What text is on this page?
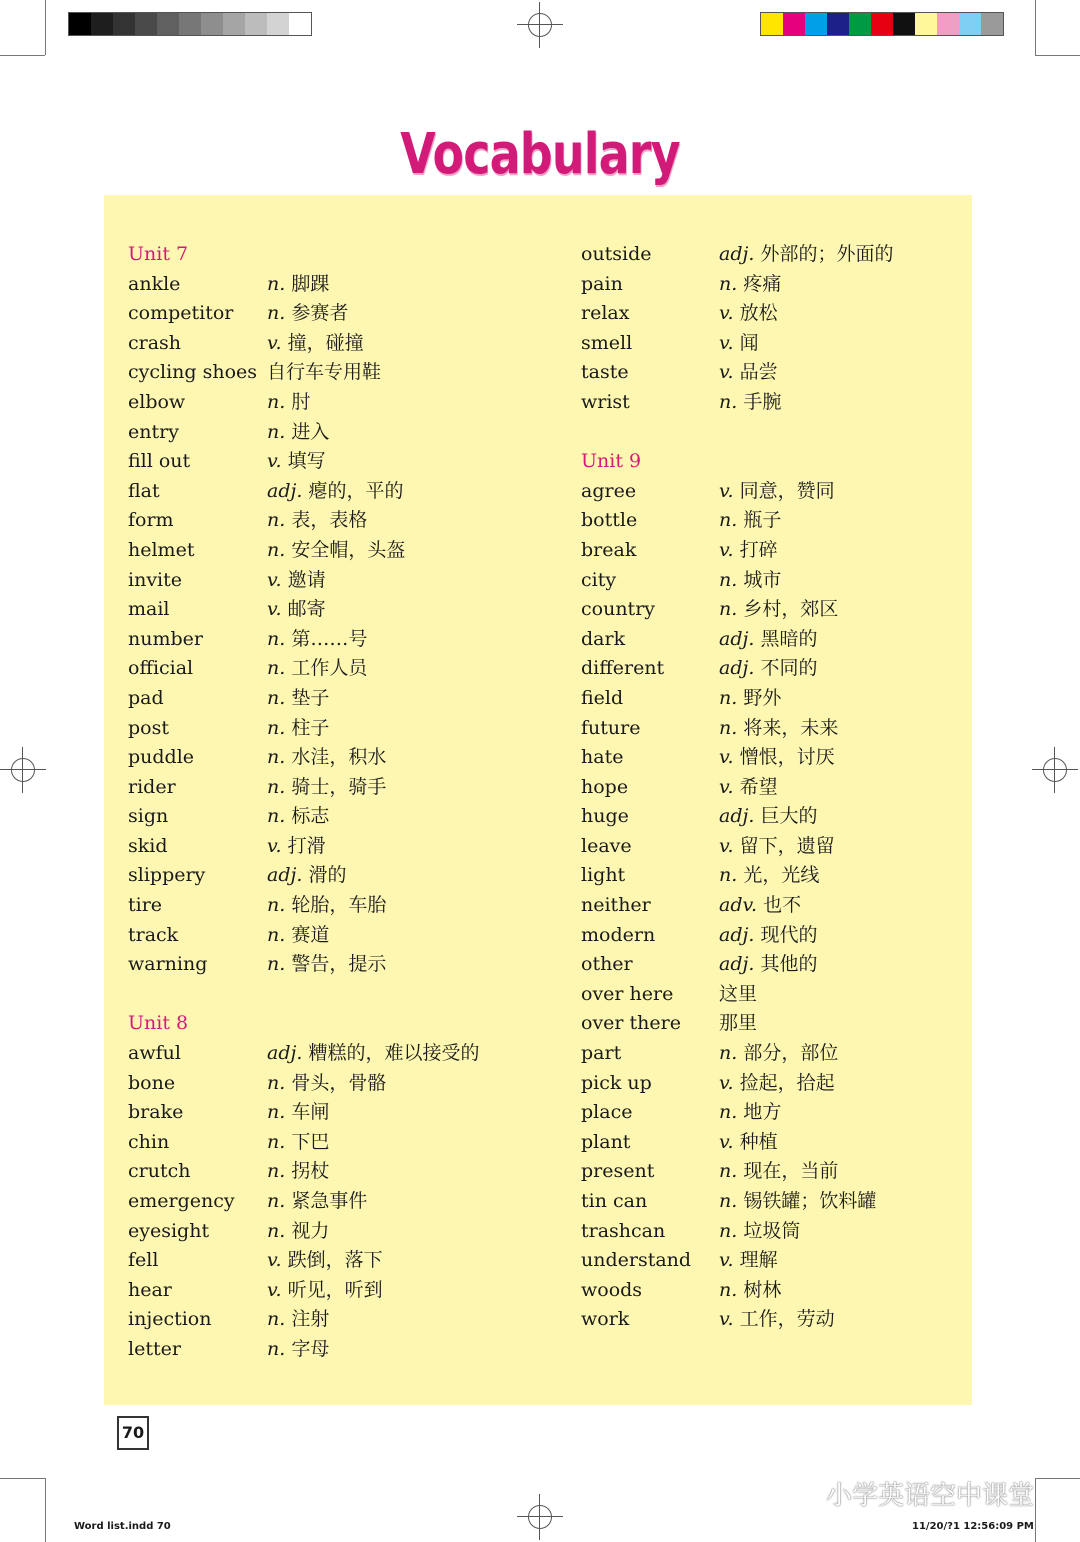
Vocabulary
Unit 7
ankle	n. 脚踝
competitor n. 参赛者
crash	v. 撞，碰撞
cycling shoes 自行车专用鞋
elbow	n. 肘
entry	n. 进入
fill out	v. 填写
flat	adj. 瘪的，平的
form	n. 表，表格
helmet	n. 安全帽，头盔
invite	v. 邀请
mail	v. 邮寄
number	n. 第……号
official	n. 工作人员
pad	n. 垫子
post	n. 柱子
puddle	n. 水洼，积水
rider	n. 骑士，骑手
sign	n. 标志
skid	v. 打滑
slippery	adj. 滑的
tire	n. 轮胎，车胎
track	n. 赛道
warning	n. 警告，提示
Unit 8
awful	adj. 糟糕的，难以接受的
bone	n. 骨头，骨骼
brake	n. 车闸
chin	n. 下巴
crutch	n. 拐杖
emergency n. 紧急事件
eyesight	n. 视力
fell	v. 跌倒，落下
hear	v. 听见，听到
injection	n. 注射
letter	n. 字母
outside	adj. 外部的；外面的
pain	n. 疼痛
relax	v. 放松
smell	v. 闻
taste	v. 品尝
wrist	n. 手腕
Unit 9
agree	v. 同意，赞同
bottle	n. 瓶子
break	v. 打碎
city	n. 城市
country	n. 乡村，郊区
dark	adj. 黑暗的
different	adj. 不同的
field	n. 野外
future	n. 将来，未来
hate	v. 憎恨，讨厌
hope	v. 希望
huge	adj. 巨大的
leave	v. 留下，遗留
light	n. 光，光线
neither	adv. 也不
modern	adj. 现代的
other	adj. 其他的
over here 这里
over there 那里
part	n. 部分，部位
pick up	v. 捡起，拾起
place	n. 地方
plant	v. 种植
present	n. 现在，当前
tin can	n. 锡铁罐；饮料罐
trashcan	n. 垃圾筒
understand v. 理解
woods	n. 树林
work	v. 工作，劳动
70
Word list.indd 70	11/20/?1 12:56:09 PM
小学英语空中课堂
